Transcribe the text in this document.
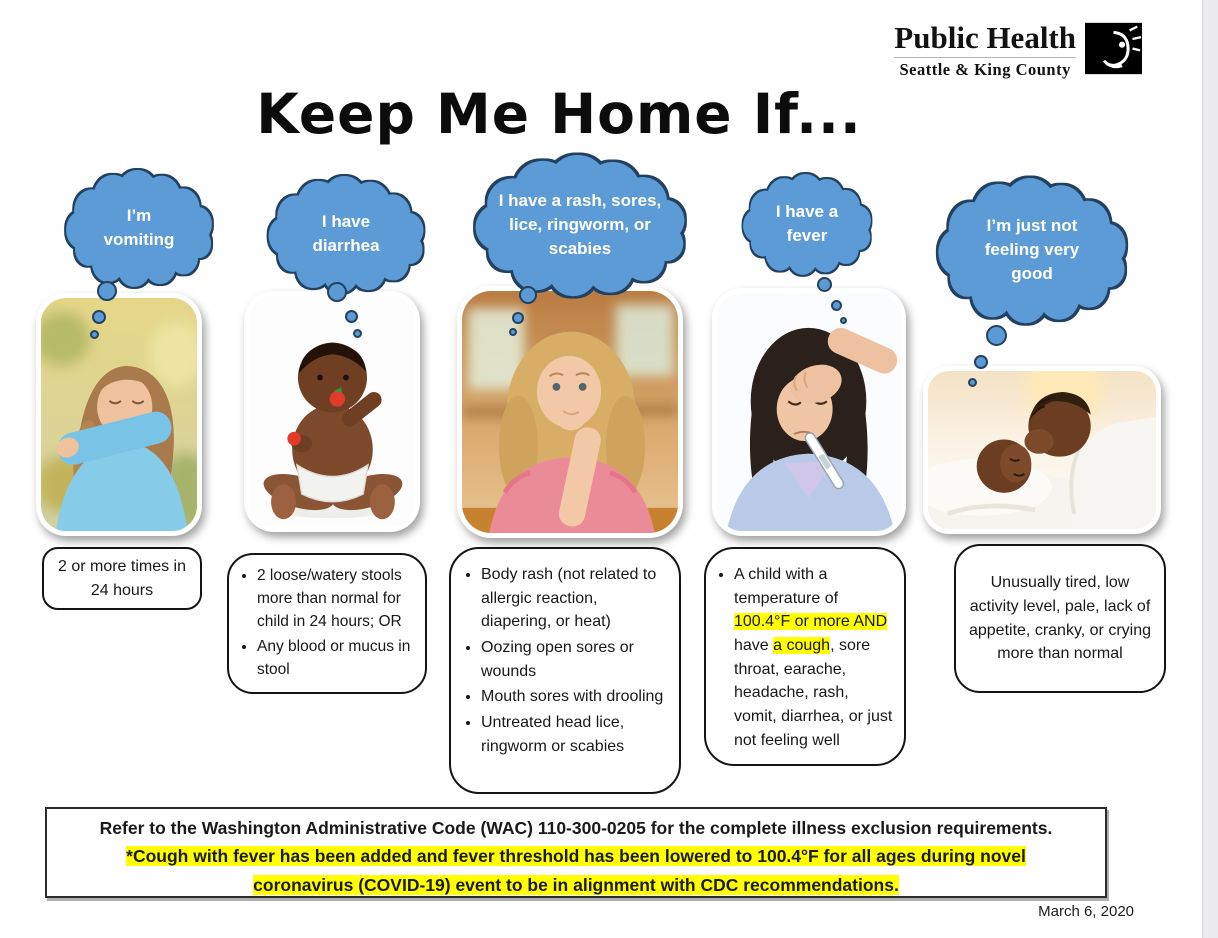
Public Health
Seattle & King County
Keep Me Home If...
I’m vomiting
2 or more times in 24 hours
I have diarrhea
• 2 loose/watery stools more than normal for child in 24 hours; OR
• Any blood or mucus in stool
I have a rash, sores, lice, ringworm, or scabies
• Body rash (not related to allergic reaction, diapering, or heat)
• Oozing open sores or wounds
• Mouth sores with drooling
• Untreated head lice, ringworm or scabies
I have a fever
• A child with a temperature of 100.4°F or more AND have a cough, sore throat, earache, headache, rash, vomit, diarrhea, or just not feeling well
I’m just not feeling very good
Unusually tired, low activity level, pale, lack of appetite, cranky, or crying more than normal
Refer to the Washington Administrative Code (WAC) 110-300-0205 for the complete illness exclusion requirements.
*Cough with fever has been added and fever threshold has been lowered to 100.4°F for all ages during novel coronavirus (COVID-19) event to be in alignment with CDC recommendations.
March 6, 2020
